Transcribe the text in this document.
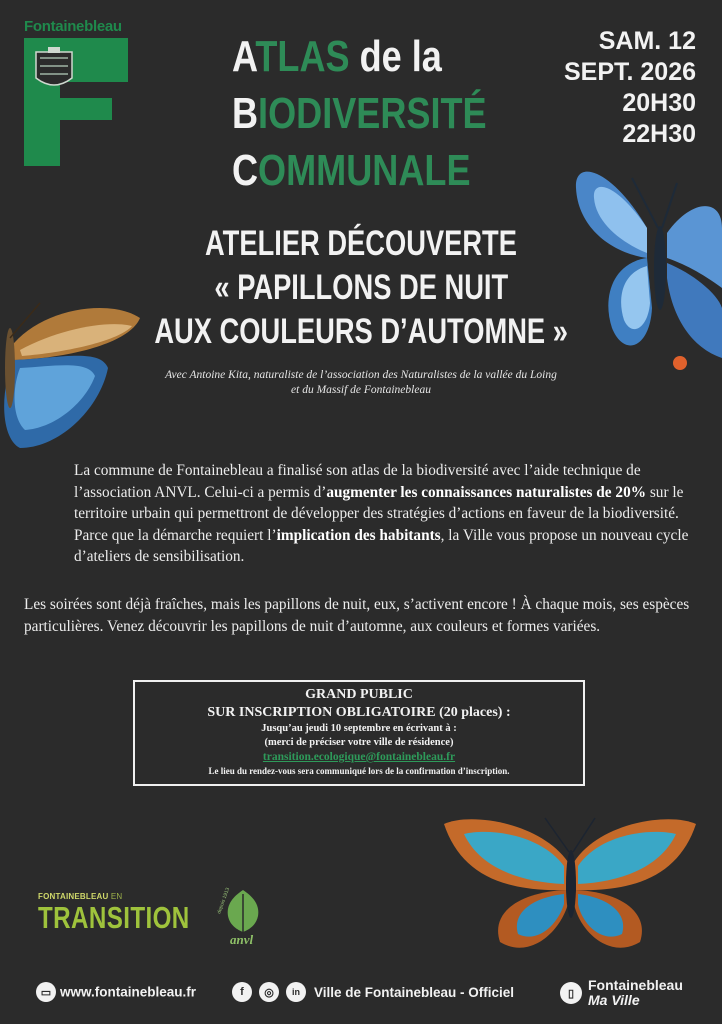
Fontainebleau
ATLAS de la
BIODIVERSITÉ
COMMUNALE
SAM. 12
SEPT. 2026
20H30
22H30
ATELIER DÉCOUVERTE
« PAPILLONS DE NUIT
AUX COULEURS D’AUTOMNE »
Avec Antoine Kita, naturaliste de l’association des Naturalistes de la vallée du Loing
et du Massif de Fontainebleau
La commune de Fontainebleau a finalisé son atlas de la biodiversité avec l’aide technique de l’association ANVL. Celui-ci a permis d’augmenter les connaissances naturalistes de 20% sur le territoire urbain qui permettront de développer des stratégies d’actions en faveur de la biodiversité. Parce que la démarche requiert l’implication des habitants, la Ville vous propose un nouveau cycle d’ateliers de sensibilisation.
Les soirées sont déjà fraîches, mais les papillons de nuit, eux, s’activent encore ! À chaque mois, ses espèces particulières. Venez découvrir les papillons de nuit d’automne, aux couleurs et formes variées.
GRAND PUBLIC
SUR INSCRIPTION OBLIGATOIRE (20 places) :
Jusqu’au jeudi 10 septembre en écrivant à :
(merci de préciser votre ville de résidence)
transition.ecologique@fontainebleau.fr
Le lieu du rendez-vous sera communiqué lors de la confirmation d’inscription.
FONTAINEBLEAU EN
TRANSITION	depuis 1913
anvl
▭ www.fontainebleau.fr	f ◎ in Ville de Fontainebleau - Officiel	▯
Fontainebleau
Ma Ville
